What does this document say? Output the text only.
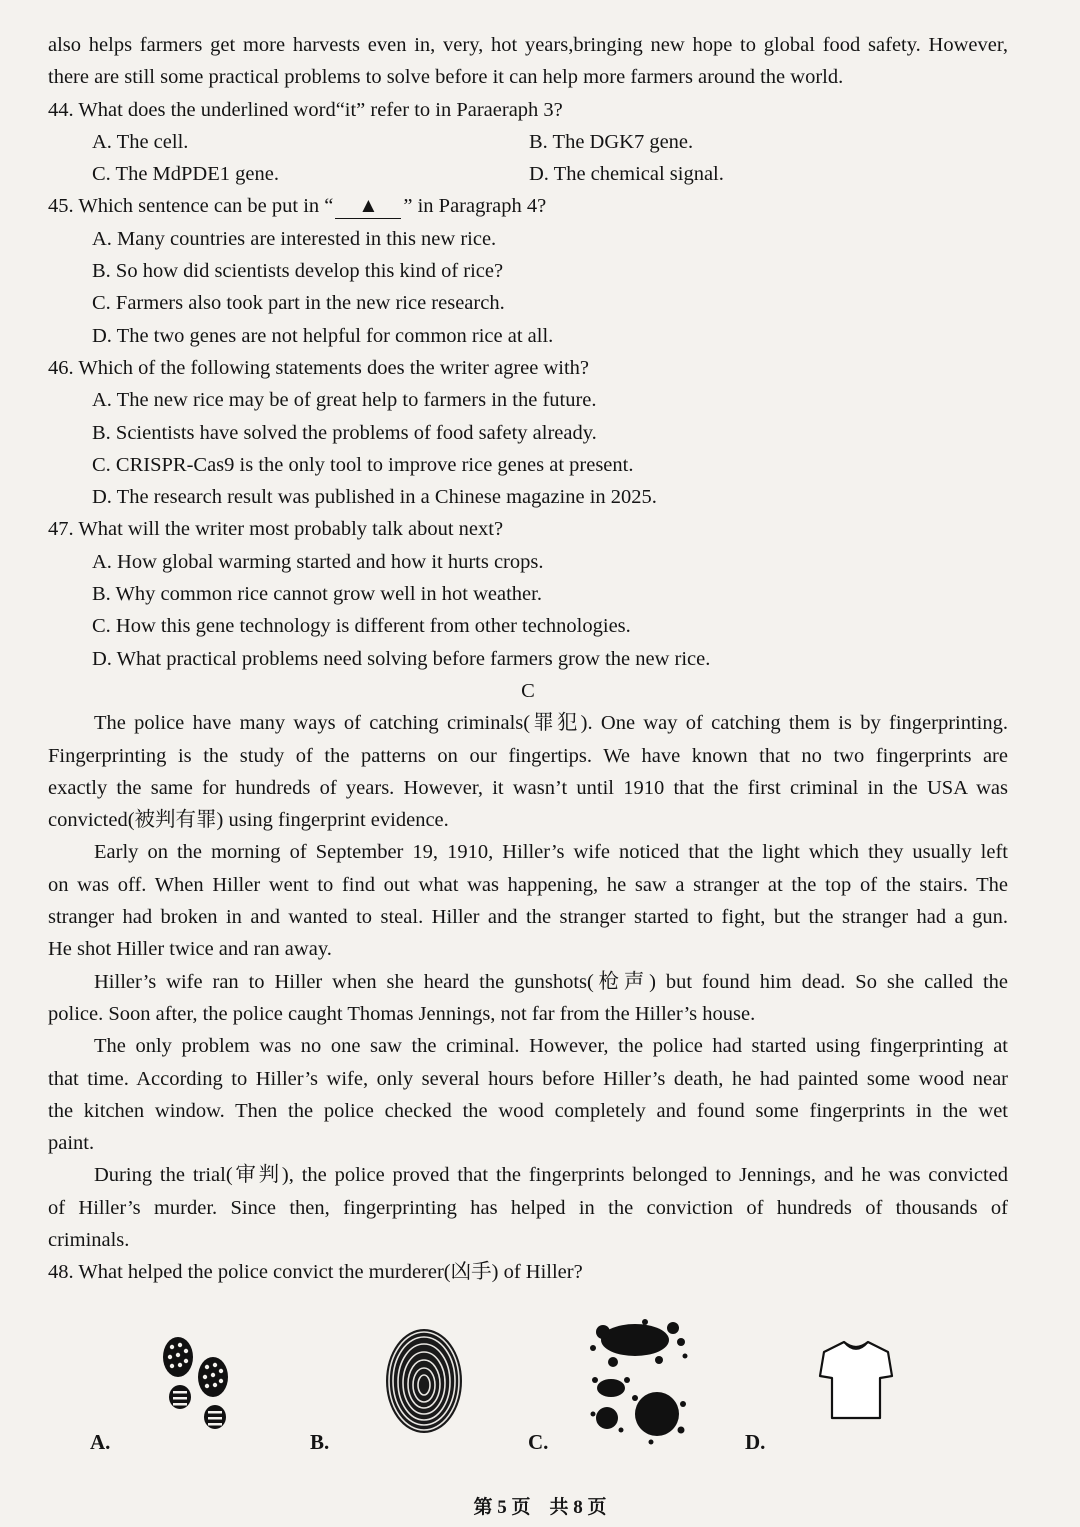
also helps farmers get more harvests even in, very, hot years,bringing new hope to global food safety. However,
there are still some practical problems to solve before it can help more farmers around the world.
44. What does the underlined word“it” refer to in Paraeraph 3?
A. The cell.	B. The DGK7 gene.
C. The MdPDE1 gene.	D. The chemical signal.
45. Which sentence can be put in “ ▲ ” in Paragraph 4?
A. Many countries are interested in this new rice.
B. So how did scientists develop this kind of rice?
C. Farmers also took part in the new rice research.
D. The two genes are not helpful for common rice at all.
46. Which of the following statements does the writer agree with?
A. The new rice may be of great help to farmers in the future.
B. Scientists have solved the problems of food safety already.
C. CRISPR-Cas9 is the only tool to improve rice genes at present.
D. The research result was published in a Chinese magazine in 2025.
47. What will the writer most probably talk about next?
A. How global warming started and how it hurts crops.
B. Why common rice cannot grow well in hot weather.
C. How this gene technology is different from other technologies.
D. What practical problems need solving before farmers grow the new rice.
C
The police have many ways of catching criminals(罪犯). One way of catching them is by fingerprinting.
Fingerprinting is the study of the patterns on our fingertips. We have known that no two fingerprints are
exactly the same for hundreds of years. However, it wasn’t until 1910 that the first criminal in the USA was
convicted(被判有罪) using fingerprint evidence.
Early on the morning of September 19, 1910, Hiller’s wife noticed that the light which they usually left
on was off. When Hiller went to find out what was happening, he saw a stranger at the top of the stairs. The
stranger had broken in and wanted to steal. Hiller and the stranger started to fight, but the stranger had a gun.
He shot Hiller twice and ran away.
Hiller’s wife ran to Hiller when she heard the gunshots(枪声) but found him dead. So she called the
police. Soon after, the police caught Thomas Jennings, not far from the Hiller’s house.
The only problem was no one saw the criminal. However, the police had started using fingerprinting at
that time. According to Hiller’s wife, only several hours before Hiller’s death, he had painted some wood near
the kitchen window. Then the police checked the wood completely and found some fingerprints in the wet
paint.
During the trial(审判), the police proved that the fingerprints belonged to Jennings, and he was convicted
of Hiller’s murder. Since then, fingerprinting has helped in the conviction of hundreds of thousands of
criminals.
48. What helped the police convict the murderer(凶手) of Hiller?
A.	B.	C.	D.
第 5 页　共 8 页
